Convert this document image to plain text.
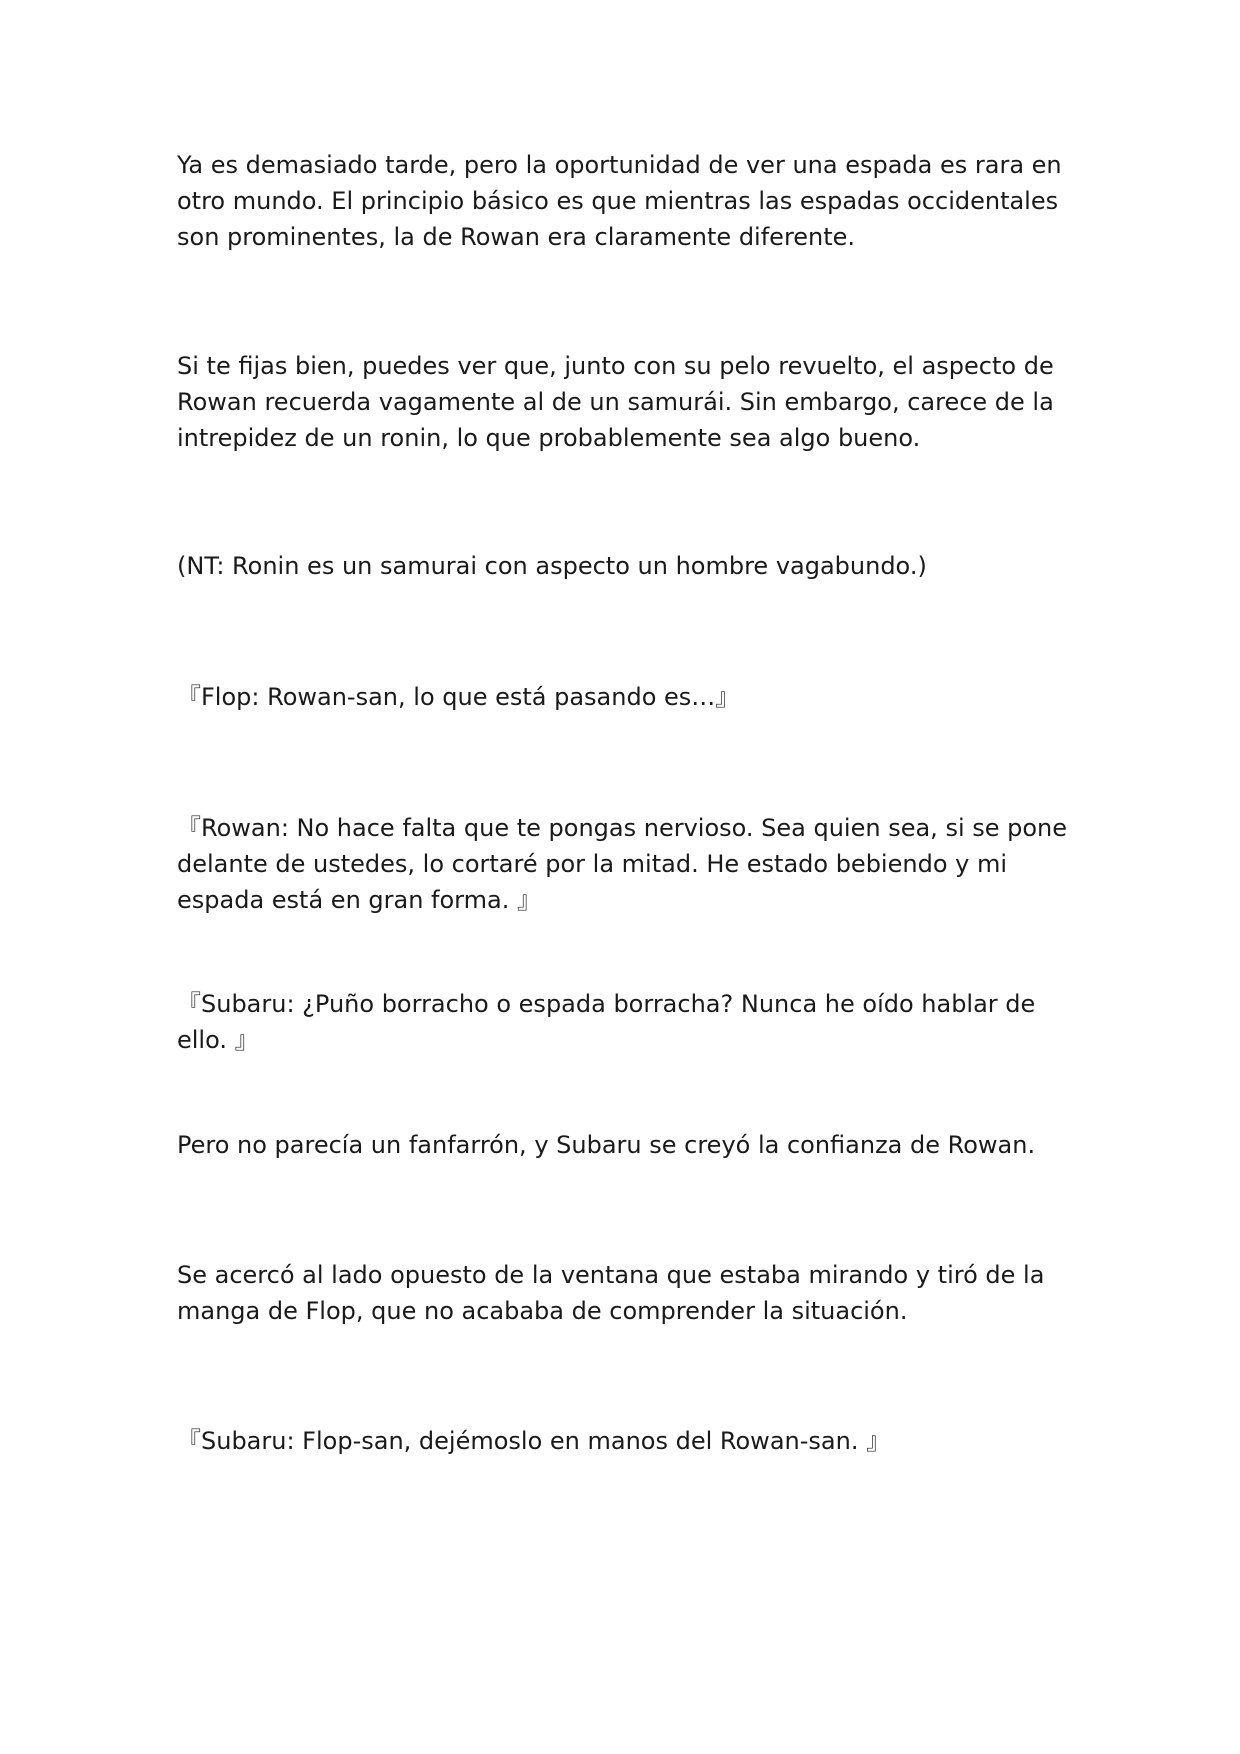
Ya es demasiado tarde, pero la oportunidad de ver una espada es rara en
otro mundo. El principio básico es que mientras las espadas occidentales
son prominentes, la de Rowan era claramente diferente.

Si te fijas bien, puedes ver que, junto con su pelo revuelto, el aspecto de
Rowan recuerda vagamente al de un samurái. Sin embargo, carece de la
intrepidez de un ronin, lo que probablemente sea algo bueno.

(NT: Ronin es un samurai con aspecto un hombre vagabundo.)

『Flop: Rowan-san, lo que está pasando es…』

『Rowan: No hace falta que te pongas nervioso. Sea quien sea, si se pone
delante de ustedes, lo cortaré por la mitad. He estado bebiendo y mi
espada está en gran forma. 』

『Subaru: ¿Puño borracho o espada borracha? Nunca he oído hablar de
ello. 』

Pero no parecía un fanfarrón, y Subaru se creyó la confianza de Rowan.

Se acercó al lado opuesto de la ventana que estaba mirando y tiró de la
manga de Flop, que no acababa de comprender la situación.

『Subaru: Flop-san, dejémoslo en manos del Rowan-san. 』
